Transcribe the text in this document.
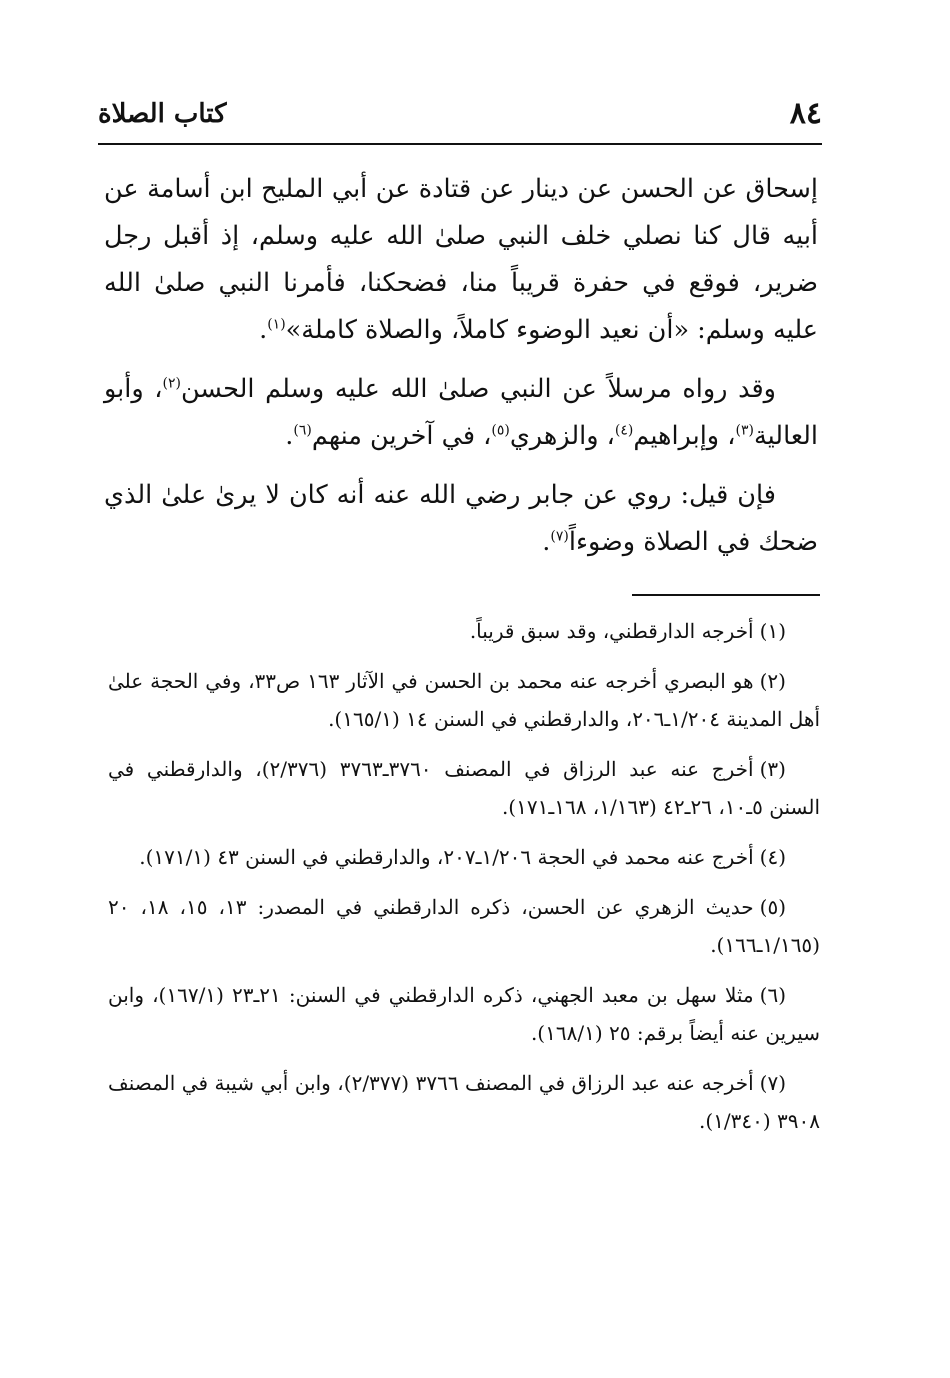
٨٤
كتاب الصلاة

إسحاق عن الحسن عن دينار عن قتادة عن أبي المليح ابن أسامة عن أبيه قال كنا نصلي خلف النبي صلىٰ الله عليه وسلم، إذ أقبل رجل ضرير، فوقع في حفرة قريباً منا، فضحكنا، فأمرنا النبي صلىٰ الله عليه وسلم: «أن نعيد الوضوء كاملاً، والصلاة كاملة»$^{(١)}$.

وقد رواه مرسلاً عن النبي صلىٰ الله عليه وسلم الحسن$^{(٢)}$، وأبو العالية$^{(٣)}$، وإبراهيم$^{(٤)}$، والزهري$^{(٥)}$، في آخرين منهم$^{(٦)}$.

فإن قيل: روي عن جابر رضي الله عنه أنه كان لا يرىٰ علىٰ الذي ضحك في الصلاة وضوءاً$^{(٧)}$.

(١)أخرجه الدارقطني، وقد سبق قريباً.

(٢)هو البصري أخرجه عنه محمد بن الحسن في الآثار ١٦٣ ص٣٣، وفي الحجة علىٰ أهل المدينة ١/٢٠٤ـ٢٠٦، والدارقطني في السنن ١٤ (١٦٥/١).

(٣)أخرج عنه عبد الرزاق في المصنف ٣٧٦٠ـ٣٧٦٣ (٢/٣٧٦)، والدارقطني في السنن ٥ـ١٠، ٢٦ـ٤٢ (١/١٦٣، ١٦٨ـ١٧١).

(٤)أخرج عنه محمد في الحجة ١/٢٠٦ـ٢٠٧، والدارقطني في السنن ٤٣ (١٧١/١).

(٥)حديث الزهري عن الحسن، ذكره الدارقطني في المصدر: ١٣، ١٥، ١٨، ٢٠ (١/١٦٥ـ١٦٦).

(٦)مثلا سهل بن معبد الجهني، ذكره الدارقطني في السنن: ٢١ـ٢٣ (١٦٧/١)، وابن سيرين عنه أيضاً برقم: ٢٥ (١٦٨/١).

(٧)أخرجه عنه عبد الرزاق في المصنف ٣٧٦٦ (٢/٣٧٧)، وابن أبي شيبة في المصنف ٣٩٠٨ (١/٣٤٠).
